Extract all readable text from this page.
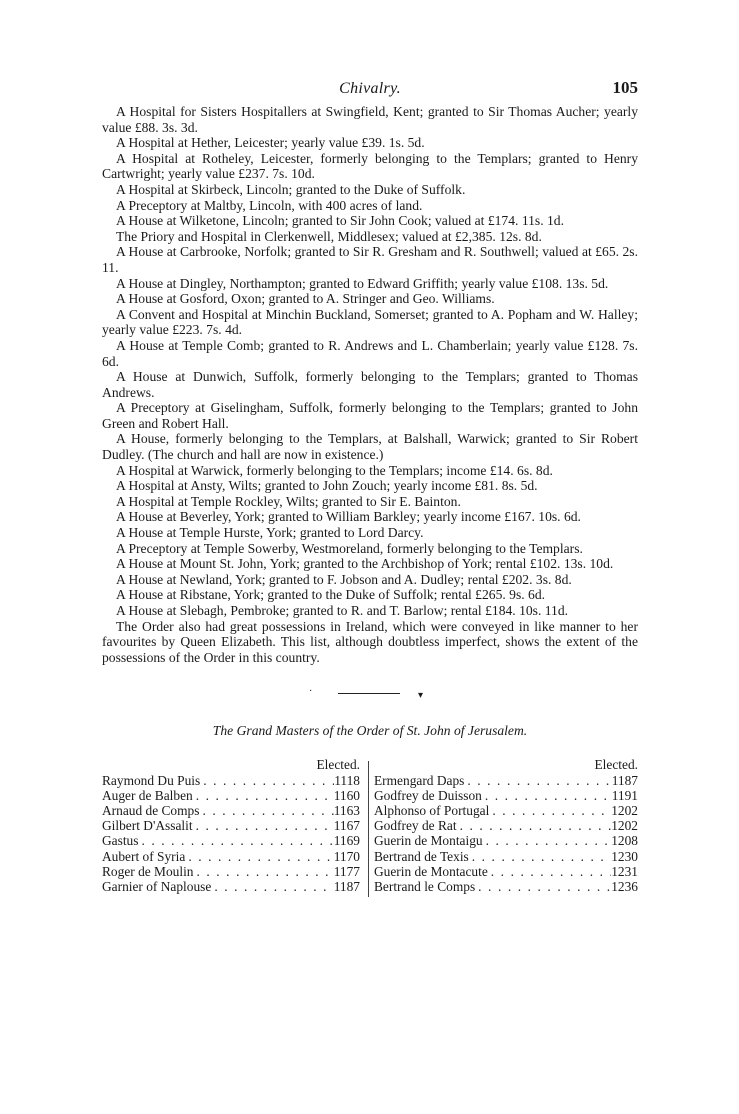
Chivalry.	105

A Hospital for Sisters Hospitallers at Swingfield, Kent; granted to Sir Thomas Aucher; yearly value £88. 3s. 3d.

A Hospital at Hether, Leicester; yearly value £39. 1s. 5d.

A Hospital at Rotheley, Leicester, formerly belonging to the Templars; granted to Henry Cartwright; yearly value £237. 7s. 10d.

A Hospital at Skirbeck, Lincoln; granted to the Duke of Suffolk.

A Preceptory at Maltby, Lincoln, with 400 acres of land.

A House at Wilketone, Lincoln; granted to Sir John Cook; valued at £174. 11s. 1d.

The Priory and Hospital in Clerkenwell, Middlesex; valued at £2,385. 12s. 8d.

A House at Carbrooke, Norfolk; granted to Sir R. Gresham and R. Southwell; valued at £65. 2s. 11.

A House at Dingley, Northampton; granted to Edward Griffith; yearly value £108. 13s. 5d.

A House at Gosford, Oxon; granted to A. Stringer and Geo. Williams.

A Convent and Hospital at Minchin Buckland, Somerset; granted to A. Popham and W. Halley; yearly value £223. 7s. 4d.

A House at Temple Comb; granted to R. Andrews and L. Chamberlain; yearly value £128. 7s. 6d.

A House at Dunwich, Suffolk, formerly belonging to the Templars; granted to Thomas Andrews.

A Preceptory at Giselingham, Suffolk, formerly belonging to the Templars; granted to John Green and Robert Hall.

A House, formerly belonging to the Templars, at Balshall, Warwick; granted to Sir Robert Dudley. (The church and hall are now in existence.)

A Hospital at Warwick, formerly belonging to the Templars; income £14. 6s. 8d.

A Hospital at Ansty, Wilts; granted to John Zouch; yearly income £81. 8s. 5d.

A Hospital at Temple Rockley, Wilts; granted to Sir E. Bainton.

A House at Beverley, York; granted to William Barkley; yearly income £167. 10s. 6d.

A House at Temple Hurste, York; granted to Lord Darcy.

A Preceptory at Temple Sowerby, Westmoreland, formerly belonging to the Templars.

A House at Mount St. John, York; granted to the Archbishop of York; rental £102. 13s. 10d.

A House at Newland, York; granted to F. Jobson and A. Dudley; rental £202. 3s. 8d.

A House at Ribstane, York; granted to the Duke of Suffolk; rental £265. 9s. 6d.

A House at Slebagh, Pembroke; granted to R. and T. Barlow; rental £184. 10s. 11d.

The Order also had great possessions in Ireland, which were conveyed in like manner to her favourites by Queen Elizabeth. This list, although doubtless imperfect, shows the extent of the possessions of the Order in this country.

·	▾
The Grand Masters of the Order of St. John of Jerusalem.
Elected.
Raymond Du Puis . . .	1118
Auger de Balben . . .	1160
Arnaud de Comps . . .	1163
Gilbert D'Assalit . . .	1167
Gastus . . .	1169
Aubert of Syria . . .	1170
Roger de Moulin . . .	1177
Garnier of Naplouse . . .	1187
Elected.
Ermengard Daps . . .	1187
Godfrey de Duisson . . .	1191
Alphonso of Portugal . . .	1202
Godfrey de Rat . . .	1202
Guerin de Montaigu . . .	1208
Bertrand de Texis . . .	1230
Guerin de Montacute . . .	1231
Bertrand le Comps . . .	1236
